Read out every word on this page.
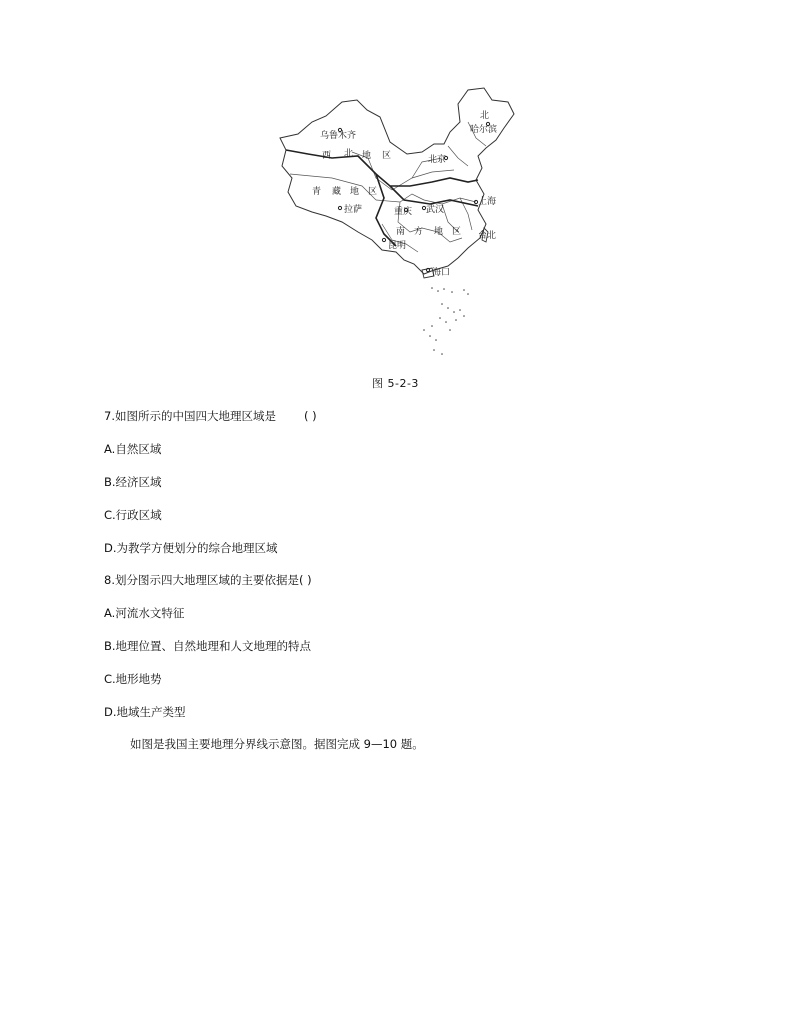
乌鲁木齐
西 北 地 区
北
哈尔滨
北京
青 藏 地 区
拉萨
上海
重庆 武汉
南 方 地 区
昆明
台北
海口
图 5-2-3
7.如图所示的中国四大地理区域是 ( )
A.自然区域
B.经济区域
C.行政区域
D.为教学方便划分的综合地理区域
8.划分图示四大地理区域的主要依据是( )
A.河流水文特征
B.地理位置、自然地理和人文地理的特点
C.地形地势
D.地域生产类型
如图是我国主要地理分界线示意图。据图完成 9—10 题。
